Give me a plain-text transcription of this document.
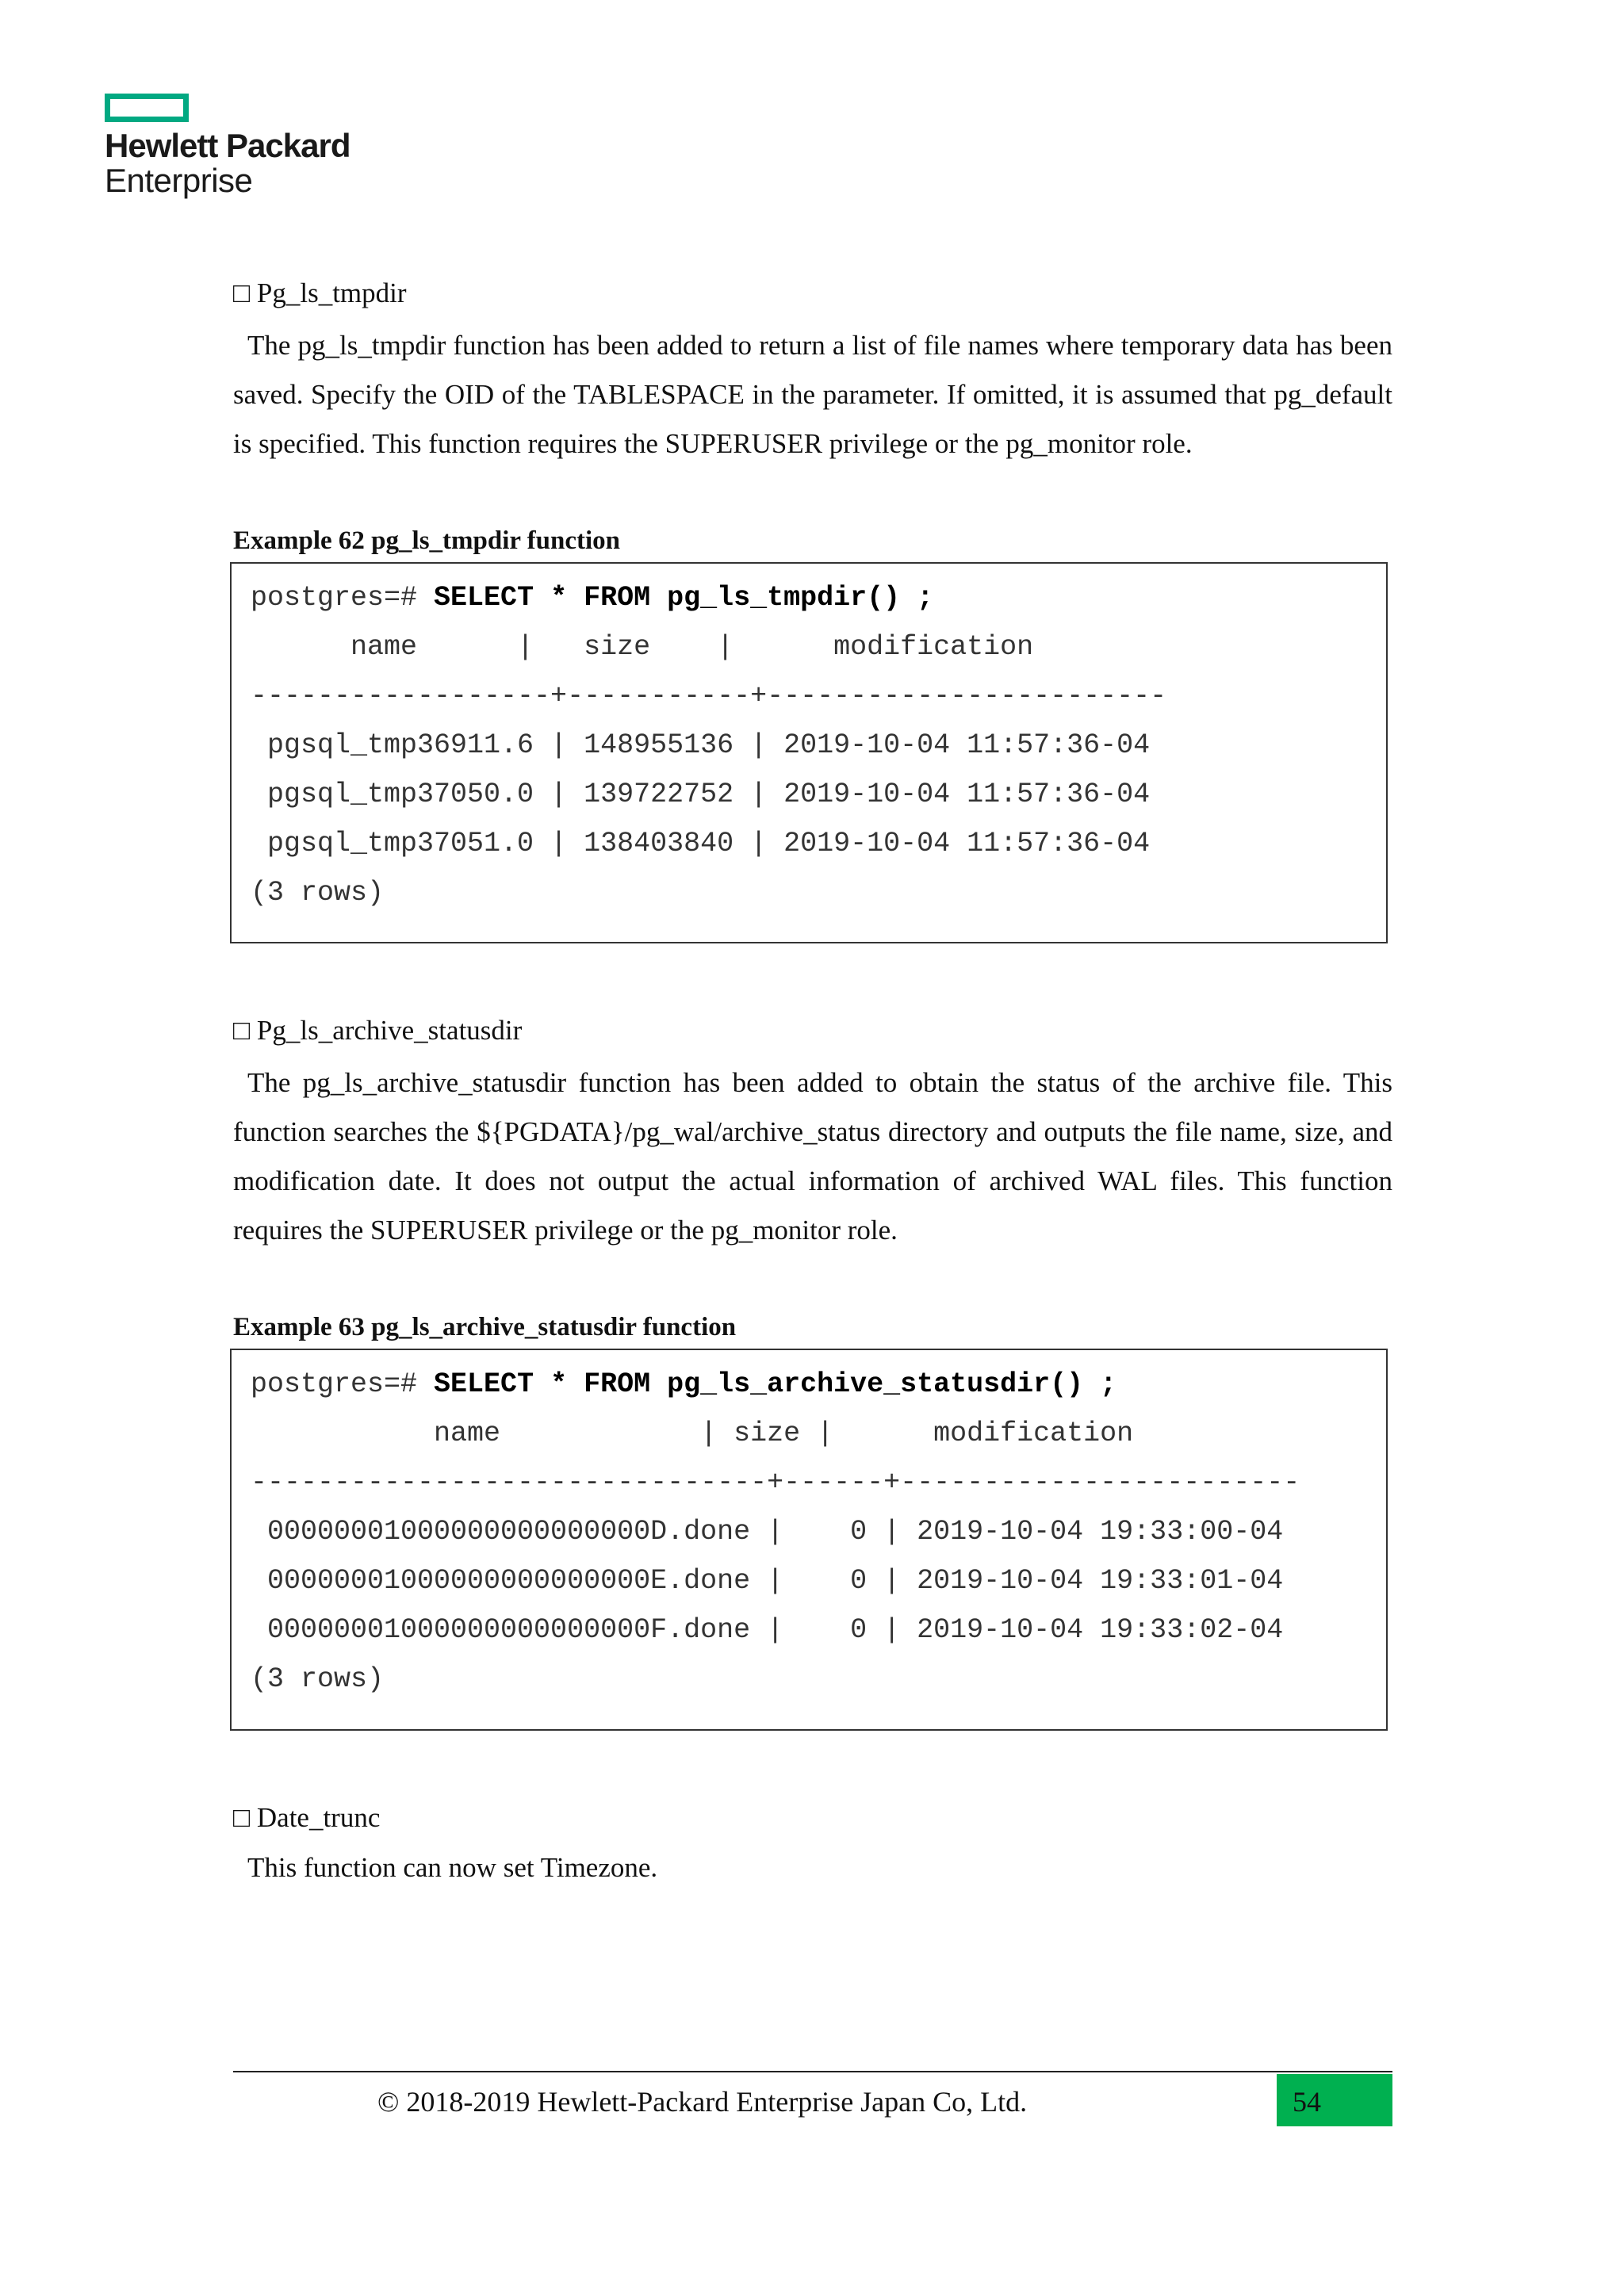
Hewlett Packard
Enterprise
□ Pg_ls_tmpdir
The pg_ls_tmpdir function has been added to return a list of file names where temporary data has been saved. Specify the OID of the TABLESPACE in the parameter. If omitted, it is assumed that pg_default is specified. This function requires the SUPERUSER privilege or the pg_monitor role.
Example 62 pg_ls_tmpdir function
postgres=# SELECT * FROM pg_ls_tmpdir() ;
name      |   size    |      modification
------------------+-----------+------------------------
pgsql_tmp36911.6 | 148955136 | 2019-10-04 11:57:36-04
pgsql_tmp37050.0 | 139722752 | 2019-10-04 11:57:36-04
pgsql_tmp37051.0 | 138403840 | 2019-10-04 11:57:36-04
(3 rows)
□ Pg_ls_archive_statusdir
The pg_ls_archive_statusdir function has been added to obtain the status of the archive file. This function searches the ${PGDATA}/pg_wal/archive_status directory and outputs the file name, size, and modification date. It does not output the actual information of archived WAL files. This function requires the SUPERUSER privilege or the pg_monitor role.
Example 63 pg_ls_archive_statusdir function
postgres=# SELECT * FROM pg_ls_archive_statusdir() ;
name            | size |      modification
-------------------------------+------+------------------------
00000001000000000000000D.done |    0 | 2019-10-04 19:33:00-04
00000001000000000000000E.done |    0 | 2019-10-04 19:33:01-04
00000001000000000000000F.done |    0 | 2019-10-04 19:33:02-04
(3 rows)
□ Date_trunc
This function can now set Timezone.
© 2018-2019 Hewlett-Packard Enterprise Japan Co, Ltd.	54
